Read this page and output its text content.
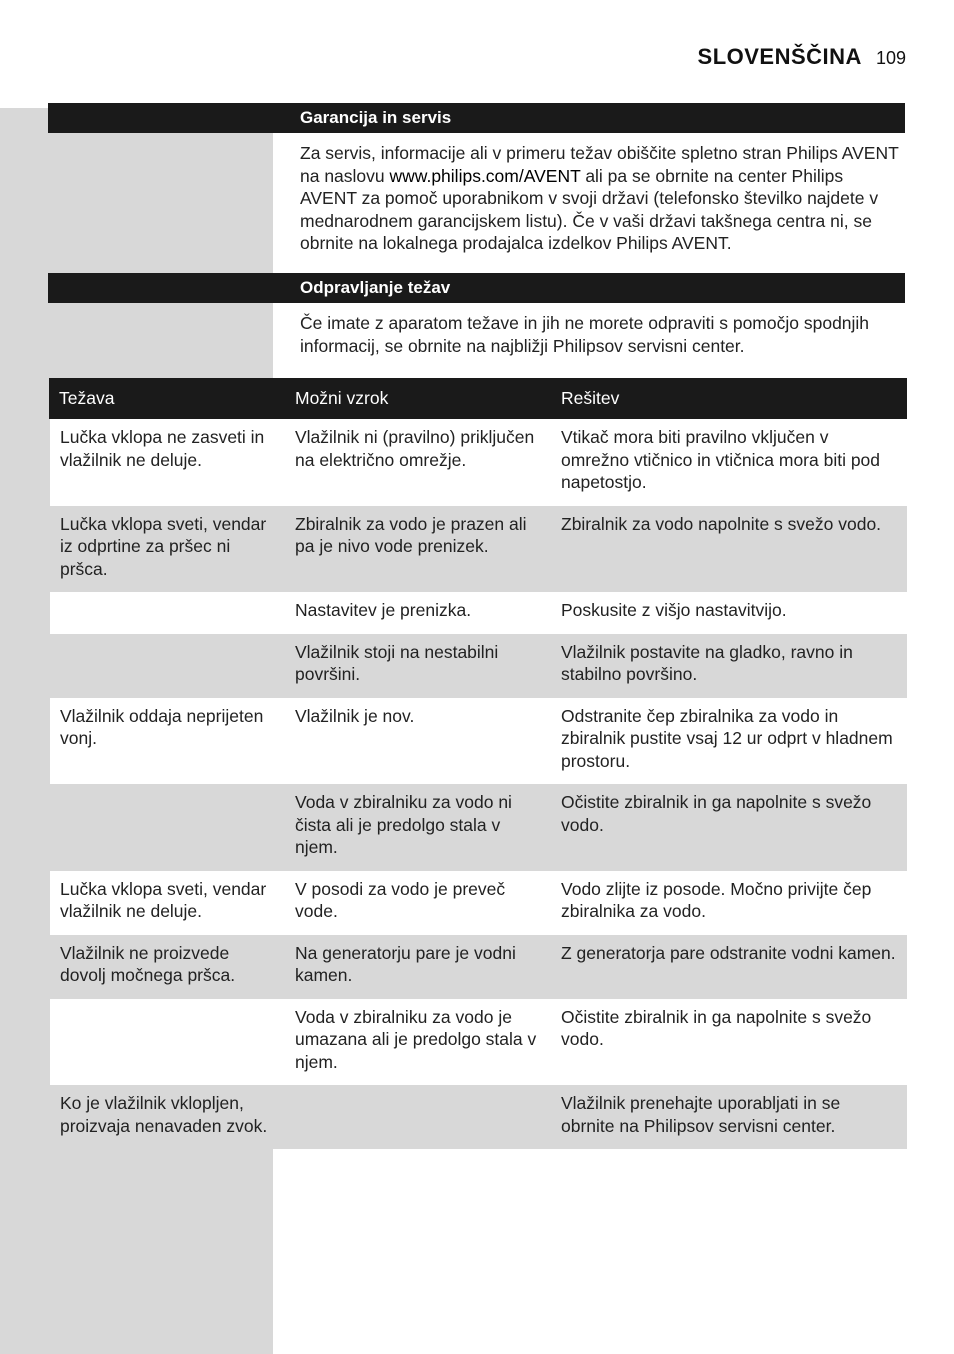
SLOVENŠČINA 109
Garancija in servis

Za servis, informacije ali v primeru težav obiščite spletno stran Philips AVENT na naslovu www.philips.com/AVENT ali pa se obrnite na center Philips AVENT za pomoč uporabnikom v svoji državi (telefonsko številko najdete v mednarodnem garancijskem listu). Če v vaši državi takšnega centra ni, se obrnite na lokalnega prodajalca izdelkov Philips AVENT.

Odpravljanje težav

Če imate z aparatom težave in jih ne morete odpraviti s pomočjo spodnjih informacij, se obrnite na najbližji Philipsov servisni center.

Težava	Možni vzrok	Rešitev
Lučka vklopa ne zasveti in vlažilnik ne deluje.	Vlažilnik ni (pravilno) priključen na električno omrežje.	Vtikač mora biti pravilno vključen v omrežno vtičnico in vtičnica mora biti pod napetostjo.
Lučka vklopa sveti, vendar iz odprtine za pršec ni pršca.	Zbiralnik za vodo je prazen ali pa je nivo vode prenizek.	Zbiralnik za vodo napolnite s svežo vodo.
	Nastavitev je prenizka.	Poskusite z višjo nastavitvijo.
	Vlažilnik stoji na nestabilni površini.	Vlažilnik postavite na gladko, ravno in stabilno površino.
Vlažilnik oddaja neprijeten vonj.	Vlažilnik je nov.	Odstranite čep zbiralnika za vodo in zbiralnik pustite vsaj 12 ur odprt v hladnem prostoru.
	Voda v zbiralniku za vodo ni čista ali je predolgo stala v njem.	Očistite zbiralnik in ga napolnite s svežo vodo.
Lučka vklopa sveti, vendar vlažilnik ne deluje.	V posodi za vodo je preveč vode.	Vodo zlijte iz posode. Močno privijte čep zbiralnika za vodo.
Vlažilnik ne proizvede dovolj močnega pršca.	Na generatorju pare je vodni kamen.	Z generatorja pare odstranite vodni kamen.
	Voda v zbiralniku za vodo je umazana ali je predolgo stala v njem.	Očistite zbiralnik in ga napolnite s svežo vodo.
Ko je vlažilnik vklopljen, proizvaja nenavaden zvok.		Vlažilnik prenehajte uporabljati in se obrnite na Philipsov servisni center.
